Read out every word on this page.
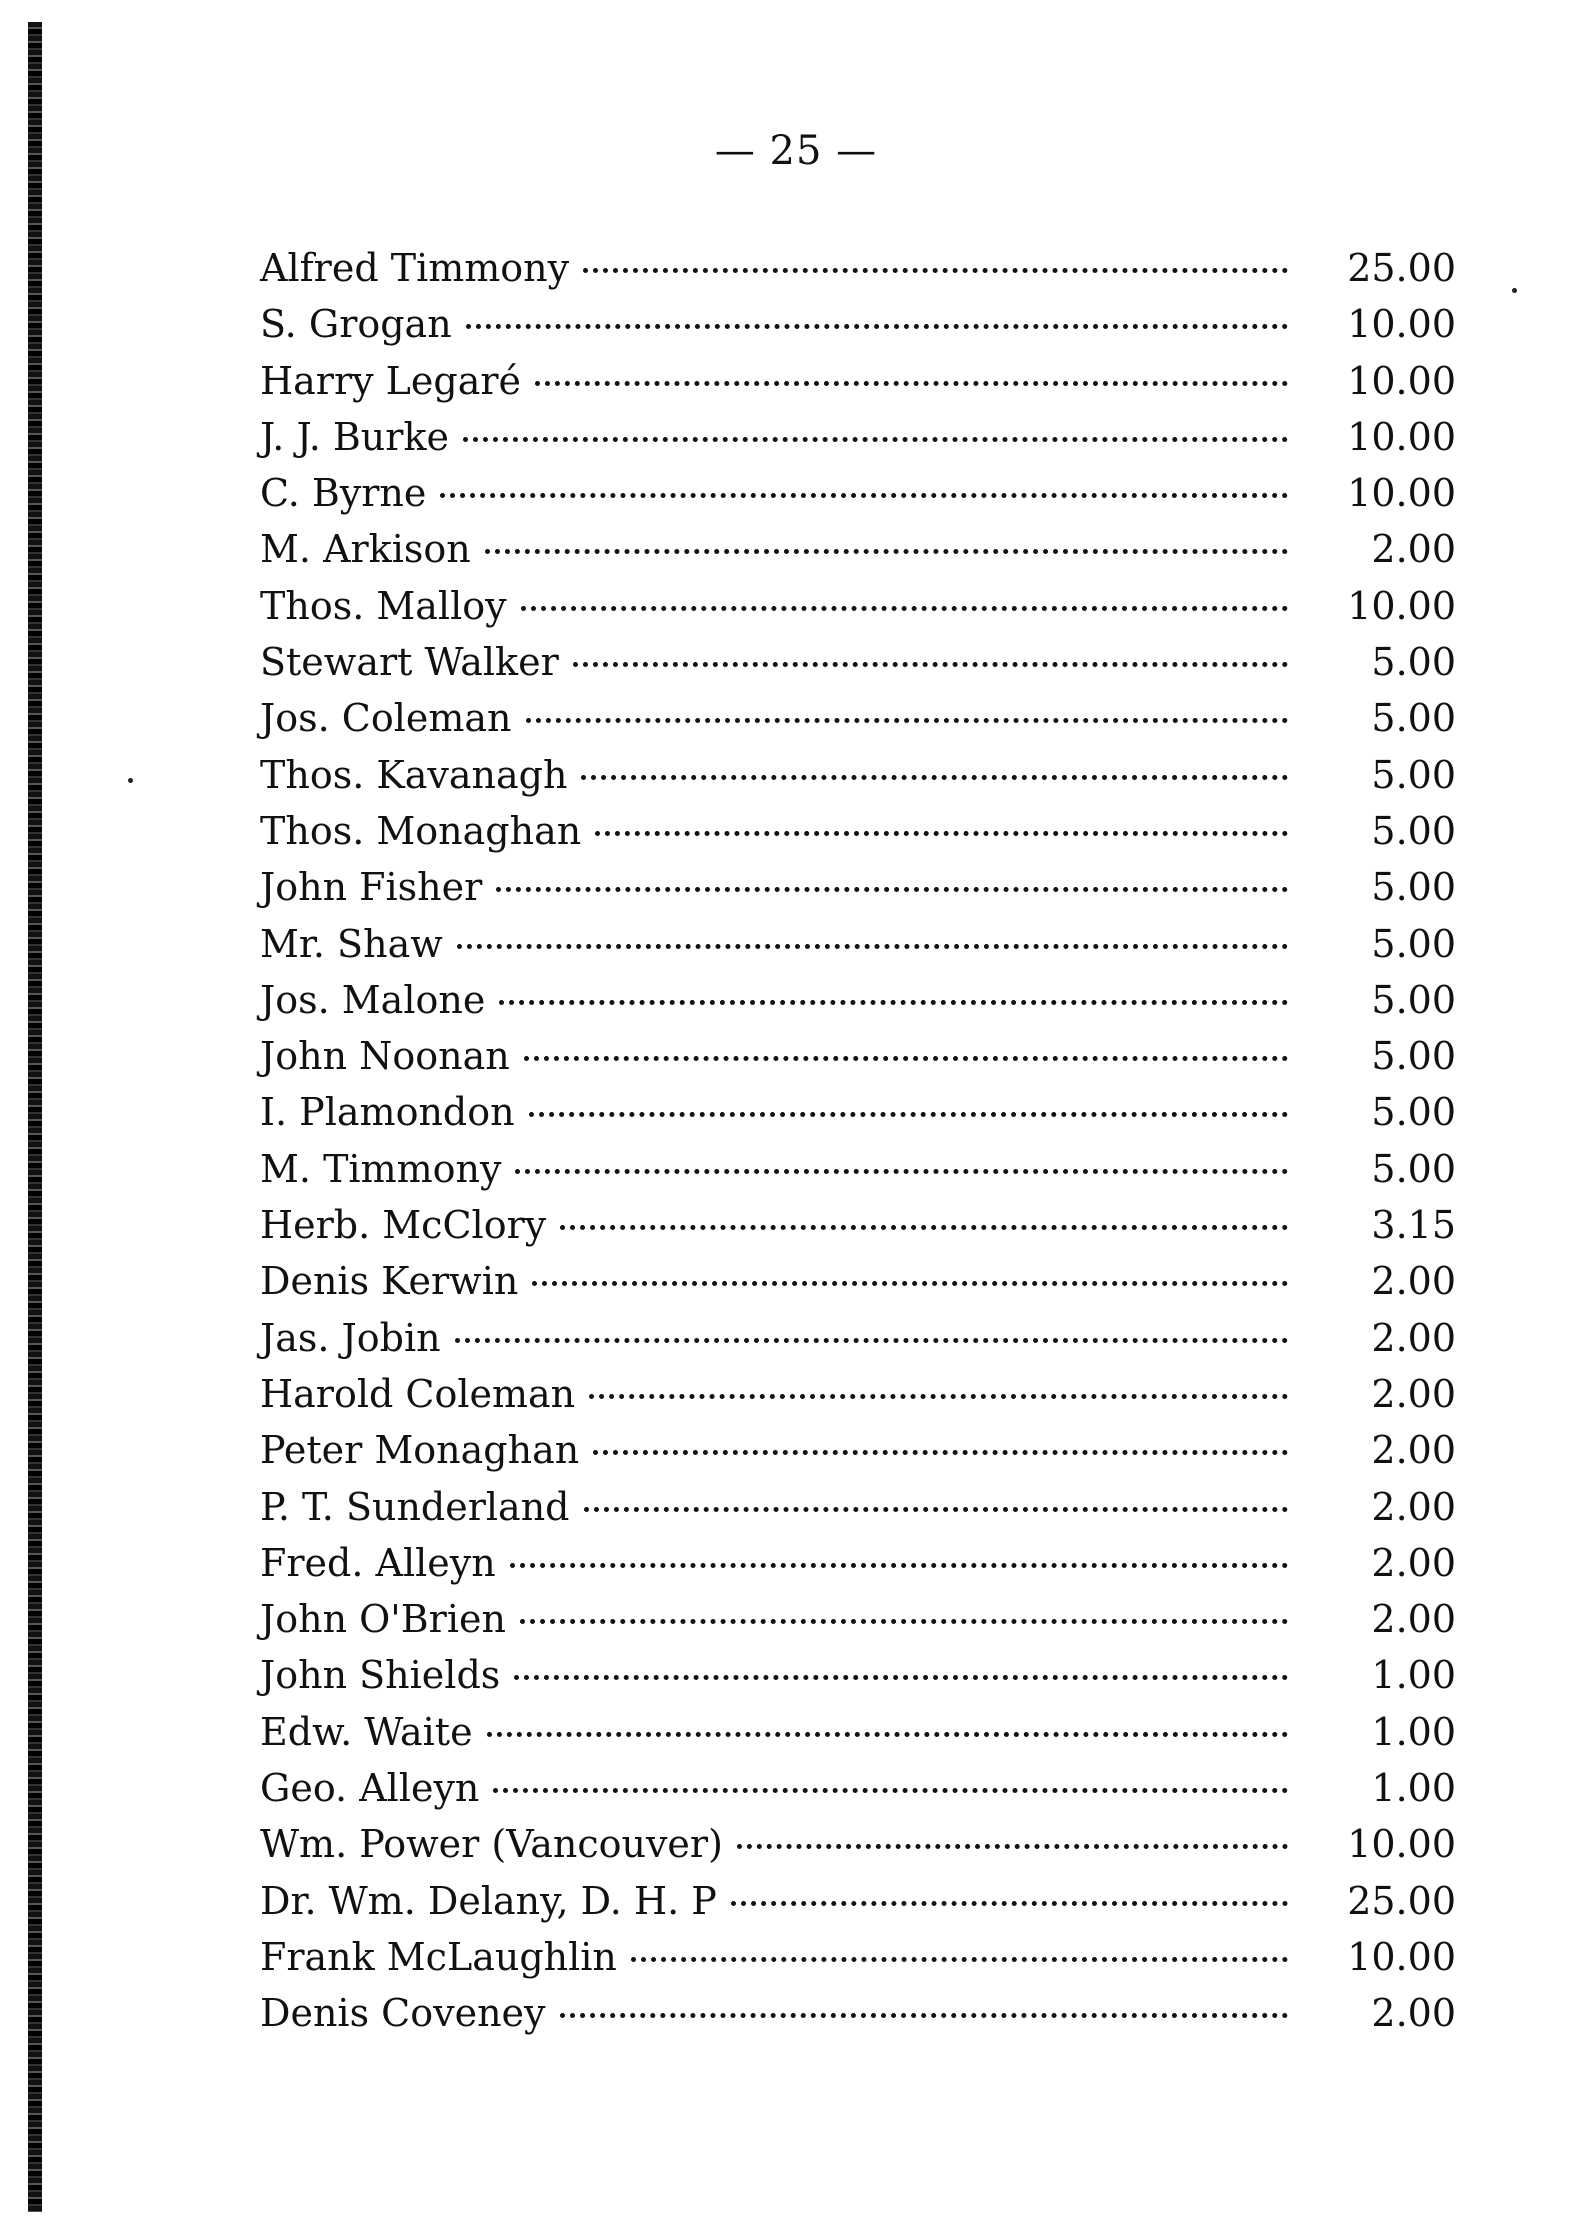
— 25 —
Alfred Timmony	25.00
S. Grogan	10.00
Harry Legaré	10.00
J. J. Burke	10.00
C. Byrne	10.00
M. Arkison	2.00
Thos. Malloy	10.00
Stewart Walker	5.00
Jos. Coleman	5.00
Thos. Kavanagh	5.00
Thos. Monaghan	5.00
John Fisher	5.00
Mr. Shaw	5.00
Jos. Malone	5.00
John Noonan	5.00
I. Plamondon	5.00
M. Timmony	5.00
Herb. McClory	3.15
Denis Kerwin	2.00
Jas. Jobin	2.00
Harold Coleman	2.00
Peter Monaghan	2.00
P. T. Sunderland	2.00
Fred. Alleyn	2.00
John O'Brien	2.00
John Shields	1.00
Edw. Waite	1.00
Geo. Alleyn	1.00
Wm. Power (Vancouver)	10.00
Dr. Wm. Delany, D. H. P	25.00
Frank McLaughlin	10.00
Denis Coveney	2.00
